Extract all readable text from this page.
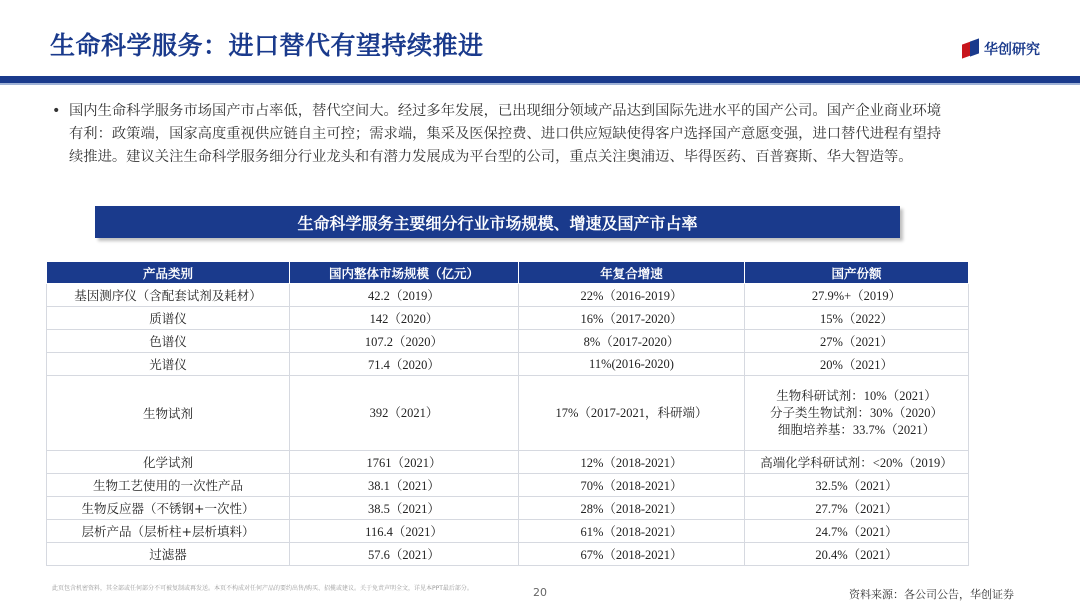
生命科学服务：进口替代有望持续推进	华创研究
• 国内生命科学服务市场国产市占率低，替代空间大。经过多年发展，已出现细分领域产品达到国际先进水平的国产公司。国产企业商业环境有利：政策端，国家高度重视供应链自主可控；需求端，集采及医保控费、进口供应短缺使得客户选择国产意愿变强，进口替代进程有望持续推进。建议关注生命科学服务细分行业龙头和有潜力发展成为平台型的公司，重点关注奥浦迈、毕得医药、百普赛斯、华大智造等。
生命科学服务主要细分行业市场规模、增速及国产市占率
产品类别	国内整体市场规模（亿元）	年复合增速	国产份额
基因测序仪（含配套试剂及耗材）	42.2（2019）	22%（2016-2019）	27.9%+（2019）
质谱仪	142（2020）	16%（2017-2020）	15%（2022）
色谱仪	107.2（2020）	8%（2017-2020）	27%（2021）
光谱仪	71.4（2020）	11%(2016-2020)	20%（2021）
生物试剂	392（2021）	17%（2017-2021，科研端）	生物科研试剂：10%（2021）
分子类生物试剂：30%（2020）
细胞培养基：33.7%（2021）

化学试剂	1761（2021）	12%（2018-2021）	高端化学科研试剂：<20%（2019）
生物工艺使用的一次性产品	38.1（2021）	70%（2018-2021）	32.5%（2021）
生物反应器（不锈钢+一次性）	38.5（2021）	28%（2018-2021）	27.7%（2021）
层析产品（层析柱+层析填料）	116.4（2021）	61%（2018-2021）	24.7%（2021）
过滤器	57.6（2021）	67%（2018-2021）	20.4%（2021）
此页包含机密资料，其全部或任何部分不可被复制或再发送。本页不构成对任何产品的要约出售/购买、招揽或建议。关于免责声明全文，详见本PPT最后部分。	20	资料来源：各公司公告，华创证券
